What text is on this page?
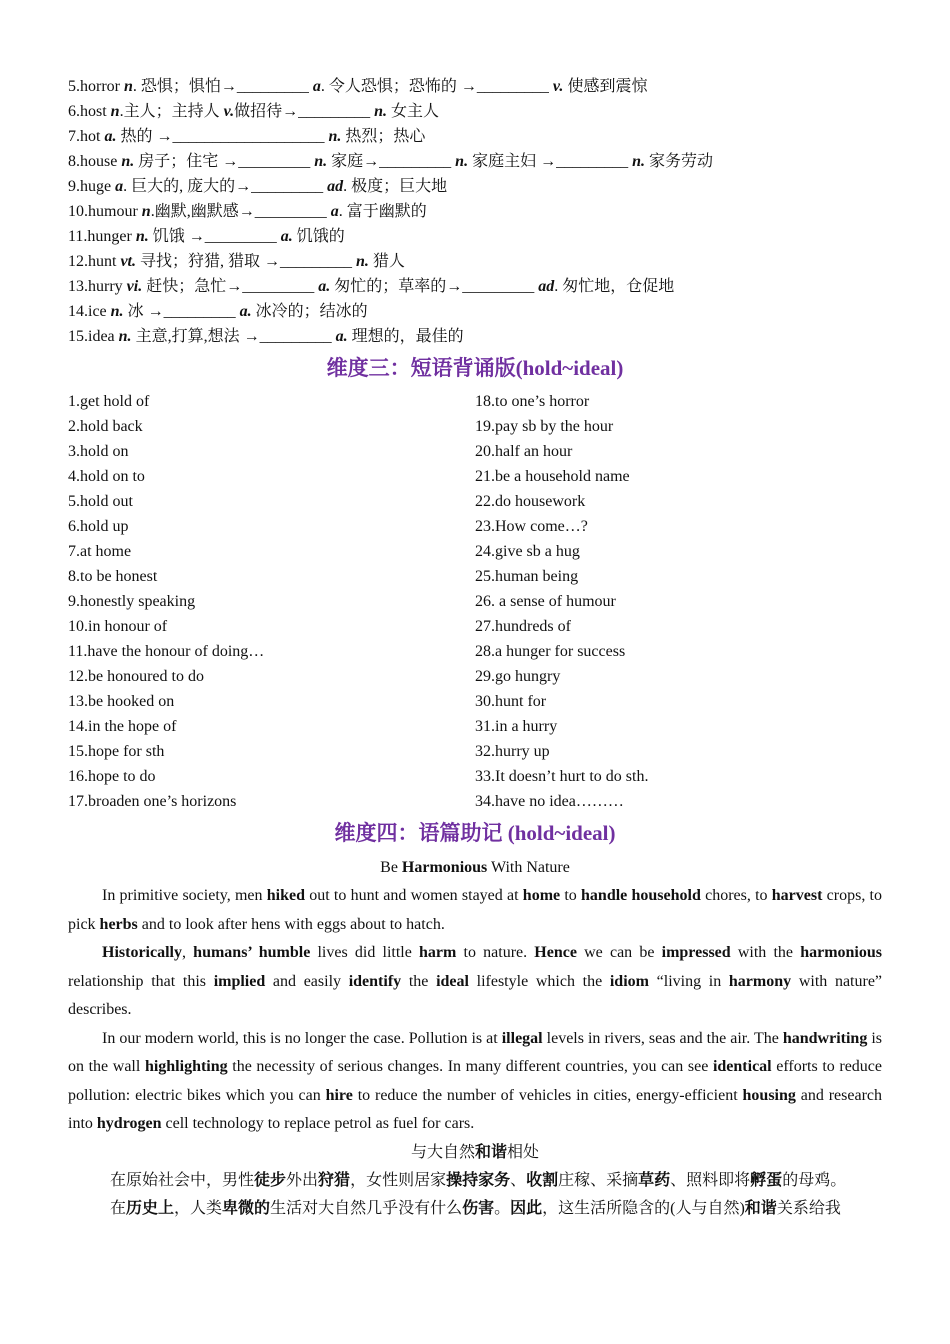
5.horror n. 恐惧；惧怕→_________ a. 令人恐惧；恐怖的 →_________ v. 使感到震惊
6.host n.主人；主持人 v.做招待→_________ n. 女主人
7.hot a. 热的 →___________________ n. 热烈；热心
8.house n. 房子；住宅 →_________ n. 家庭→_________ n. 家庭主妇 →_________ n. 家务劳动
9.huge a. 巨大的, 庞大的→_________ ad. 极度；巨大地
10.humour n.幽默,幽默感→_________ a. 富于幽默的
11.hunger n. 饥饿 →_________ a. 饥饿的
12.hunt vt. 寻找；狩猎, 猎取 →_________ n. 猎人
13.hurry vi. 赶快；急忙→_________ a. 匆忙的；草率的→_________ ad. 匆忙地，仓促地
14.ice n. 冰 →_________ a. 冰冷的；结冰的
15.idea n. 主意,打算,想法 →_________ a. 理想的，最佳的
维度三：短语背诵版(hold~ideal)
1.get hold of
2.hold back
3.hold on
4.hold on to
5.hold out
6.hold up
7.at home
8.to be honest
9.honestly speaking
10.in honour of
11.have the honour of doing…
12.be honoured to do
13.be hooked on
14.in the hope of
15.hope for sth
16.hope to do
17.broaden one’s horizons
18.to one’s horror
19.pay sb by the hour
20.half an hour
21.be a household name
22.do housework
23.How come…?
24.give sb a hug
25.human being
26. a sense of humour
27.hundreds of
28.a hunger for success
29.go hungry
30.hunt for
31.in a hurry
32.hurry up
33.It doesn’t hurt to do sth.
34.have no idea………
维度四：语篇助记 (hold~ideal)
Be Harmonious With Nature

In primitive society, men hiked out to hunt and women stayed at home to handle household chores, to harvest crops, to pick herbs and to look after hens with eggs about to hatch.

Historically, humans’ humble lives did little harm to nature. Hence we can be impressed with the harmonious relationship that this implied and easily identify the ideal lifestyle which the idiom “living in harmony with nature” describes.

In our modern world, this is no longer the case. Pollution is at illegal levels in rivers, seas and the air. The handwriting is on the wall highlighting the necessity of serious changes. In many different countries, you can see identical efforts to reduce pollution: electric bikes which you can hire to reduce the number of vehicles in cities, energy-efficient housing and research into hydrogen cell technology to replace petrol as fuel for cars.

与大自然和谐相处

在原始社会中，男性徒步外出狩猎，女性则居家操持家务、收割庄稼、采摘草药、照料即将孵蛋的母鸡。

在历史上，人类卑微的生活对大自然几乎没有什么伤害。因此，这生活所隐含的(人与自然)和谐关系给我
